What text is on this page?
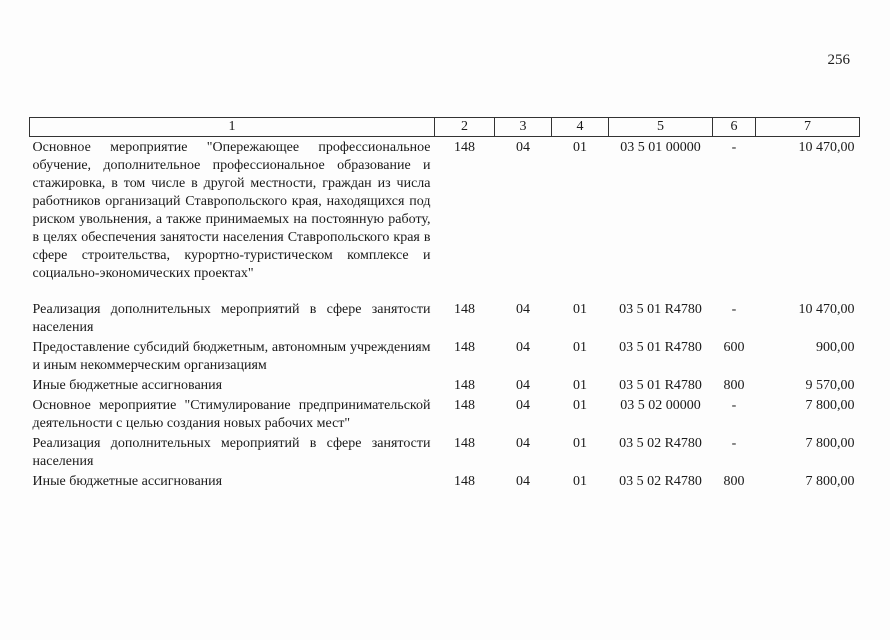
256
1	2	3	4	5	6	7
Основное мероприятие "Опережающее профессиональное обучение, дополнительное профессиональное образование и стажировка, в том числе в другой местности, граждан из числа работников организаций Ставропольского края, находящихся под риском увольнения, а также принимаемых на постоянную работу, в целях обеспечения занятости населения Ставропольского края в сфере строительства, курортно-туристическом комплексе и социально-экономических проектах"	148	04	01	03 5 01 00000	-	10 470,00
Реализация дополнительных мероприятий в сфере занятости населения	148	04	01	03 5 01 R4780	-	10 470,00
Предоставление субсидий бюджетным, автономным учреждениям и иным некоммерческим организациям	148	04	01	03 5 01 R4780	600	900,00
Иные бюджетные ассигнования	148	04	01	03 5 01 R4780	800	9 570,00
Основное мероприятие "Стимулирование предпринимательской деятельности с целью создания новых рабочих мест"	148	04	01	03 5 02 00000	-	7 800,00
Реализация дополнительных мероприятий в сфере занятости населения	148	04	01	03 5 02 R4780	-	7 800,00
Иные бюджетные ассигнования	148	04	01	03 5 02 R4780	800	7 800,00
